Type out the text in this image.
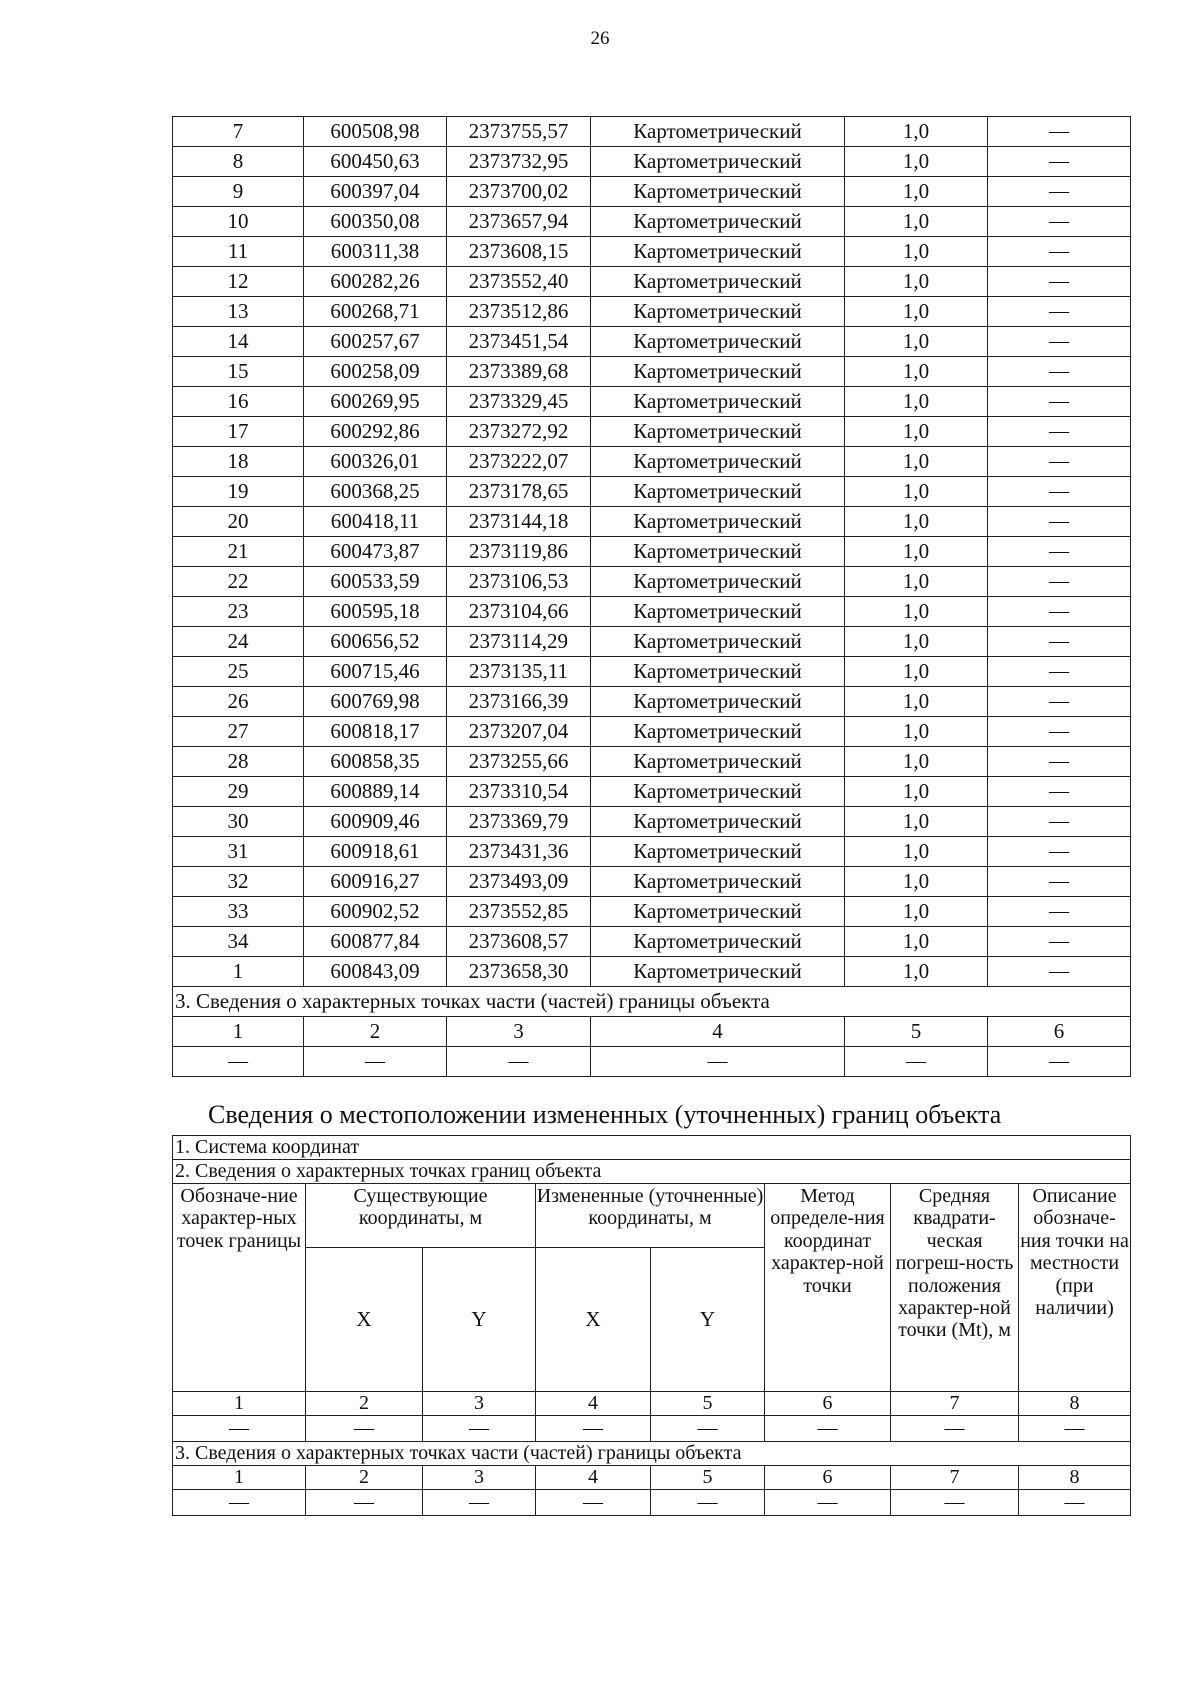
26
7	600508,98	2373755,57	Картометрический	1,0	—
8	600450,63	2373732,95	Картометрический	1,0	—
9	600397,04	2373700,02	Картометрический	1,0	—
10	600350,08	2373657,94	Картометрический	1,0	—
11	600311,38	2373608,15	Картометрический	1,0	—
12	600282,26	2373552,40	Картометрический	1,0	—
13	600268,71	2373512,86	Картометрический	1,0	—
14	600257,67	2373451,54	Картометрический	1,0	—
15	600258,09	2373389,68	Картометрический	1,0	—
16	600269,95	2373329,45	Картометрический	1,0	—
17	600292,86	2373272,92	Картометрический	1,0	—
18	600326,01	2373222,07	Картометрический	1,0	—
19	600368,25	2373178,65	Картометрический	1,0	—
20	600418,11	2373144,18	Картометрический	1,0	—
21	600473,87	2373119,86	Картометрический	1,0	—
22	600533,59	2373106,53	Картометрический	1,0	—
23	600595,18	2373104,66	Картометрический	1,0	—
24	600656,52	2373114,29	Картометрический	1,0	—
25	600715,46	2373135,11	Картометрический	1,0	—
26	600769,98	2373166,39	Картометрический	1,0	—
27	600818,17	2373207,04	Картометрический	1,0	—
28	600858,35	2373255,66	Картометрический	1,0	—
29	600889,14	2373310,54	Картометрический	1,0	—
30	600909,46	2373369,79	Картометрический	1,0	—
31	600918,61	2373431,36	Картометрический	1,0	—
32	600916,27	2373493,09	Картометрический	1,0	—
33	600902,52	2373552,85	Картометрический	1,0	—
34	600877,84	2373608,57	Картометрический	1,0	—
1	600843,09	2373658,30	Картометрический	1,0	—
3. Сведения о характерных точках части (частей) границы объекта					
1	2	3	4	5	6
—	—	—	—	—	—
Сведения о местоположении измененных (уточненных) границ объекта
1. Система координат							
2. Сведения о характерных точках границ объекта							
Обозначе-ние характер-ных точек границы	Существующие координаты, м		Измененные (уточненные) координаты, м		Метод определе-ния координат характер-ной точки	Средняя квадрати-ческая погреш-ность положения характер-ной точки (Mt), м	Описание обозначе-ния точки на местности (при наличии)
	X	Y	X	Y			
1	2	3	4	5	6	7	8
—	—	—	—	—	—	—	—
3. Сведения о характерных точках части (частей) границы объекта							
1	2	3	4	5	6	7	8
—	—	—	—	—	—	—	—
